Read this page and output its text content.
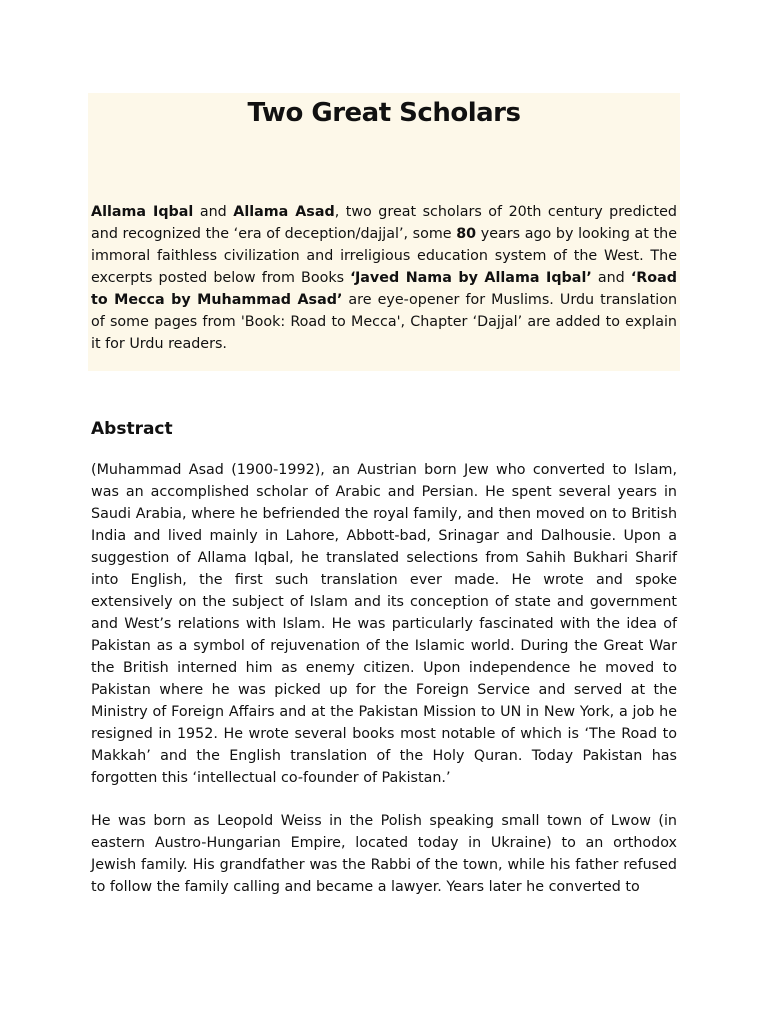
Two Great Scholars

Allama Iqbal and Allama Asad, two great scholars of 20th century predicted and recognized the ‘era of deception/dajjal’, some 80 years ago by looking at the immoral faithless civilization and irreligious education system of the West. The excerpts posted below from Books ‘Javed Nama by Allama Iqbal’ and ‘Road to Mecca by Muhammad Asad’ are eye-opener for Muslims. Urdu translation of some pages from 'Book: Road to Mecca', Chapter ‘Dajjal’ are added to explain it for Urdu readers.

Abstract

(Muhammad Asad (1900-1992), an Austrian born Jew who converted to Islam, was an accomplished scholar of Arabic and Persian. He spent several years in Saudi Arabia, where he befriended the royal family, and then moved on to British India and lived mainly in Lahore, Abbott-bad, Srinagar and Dalhousie. Upon a suggestion of Allama Iqbal, he translated selections from Sahih Bukhari Sharif into English, the first such translation ever made. He wrote and spoke extensively on the subject of Islam and its conception of state and government and West’s relations with Islam. He was particularly fascinated with the idea of Pakistan as a symbol of rejuvenation of the Islamic world. During the Great War the British interned him as enemy citizen. Upon independence he moved to Pakistan where he was picked up for the Foreign Service and served at the Ministry of Foreign Affairs and at the Pakistan Mission to UN in New York, a job he resigned in 1952. He wrote several books most notable of which is ‘The Road to Makkah’ and the English translation of the Holy Quran. Today Pakistan has forgotten this ‘intellectual co-founder of Pakistan.’

He was born as Leopold Weiss in the Polish speaking small town of Lwow (in eastern Austro-Hungarian Empire, located today in Ukraine) to an orthodox Jewish family. His grandfather was the Rabbi of the town, while his father refused to follow the family calling and became a lawyer. Years later he converted to
